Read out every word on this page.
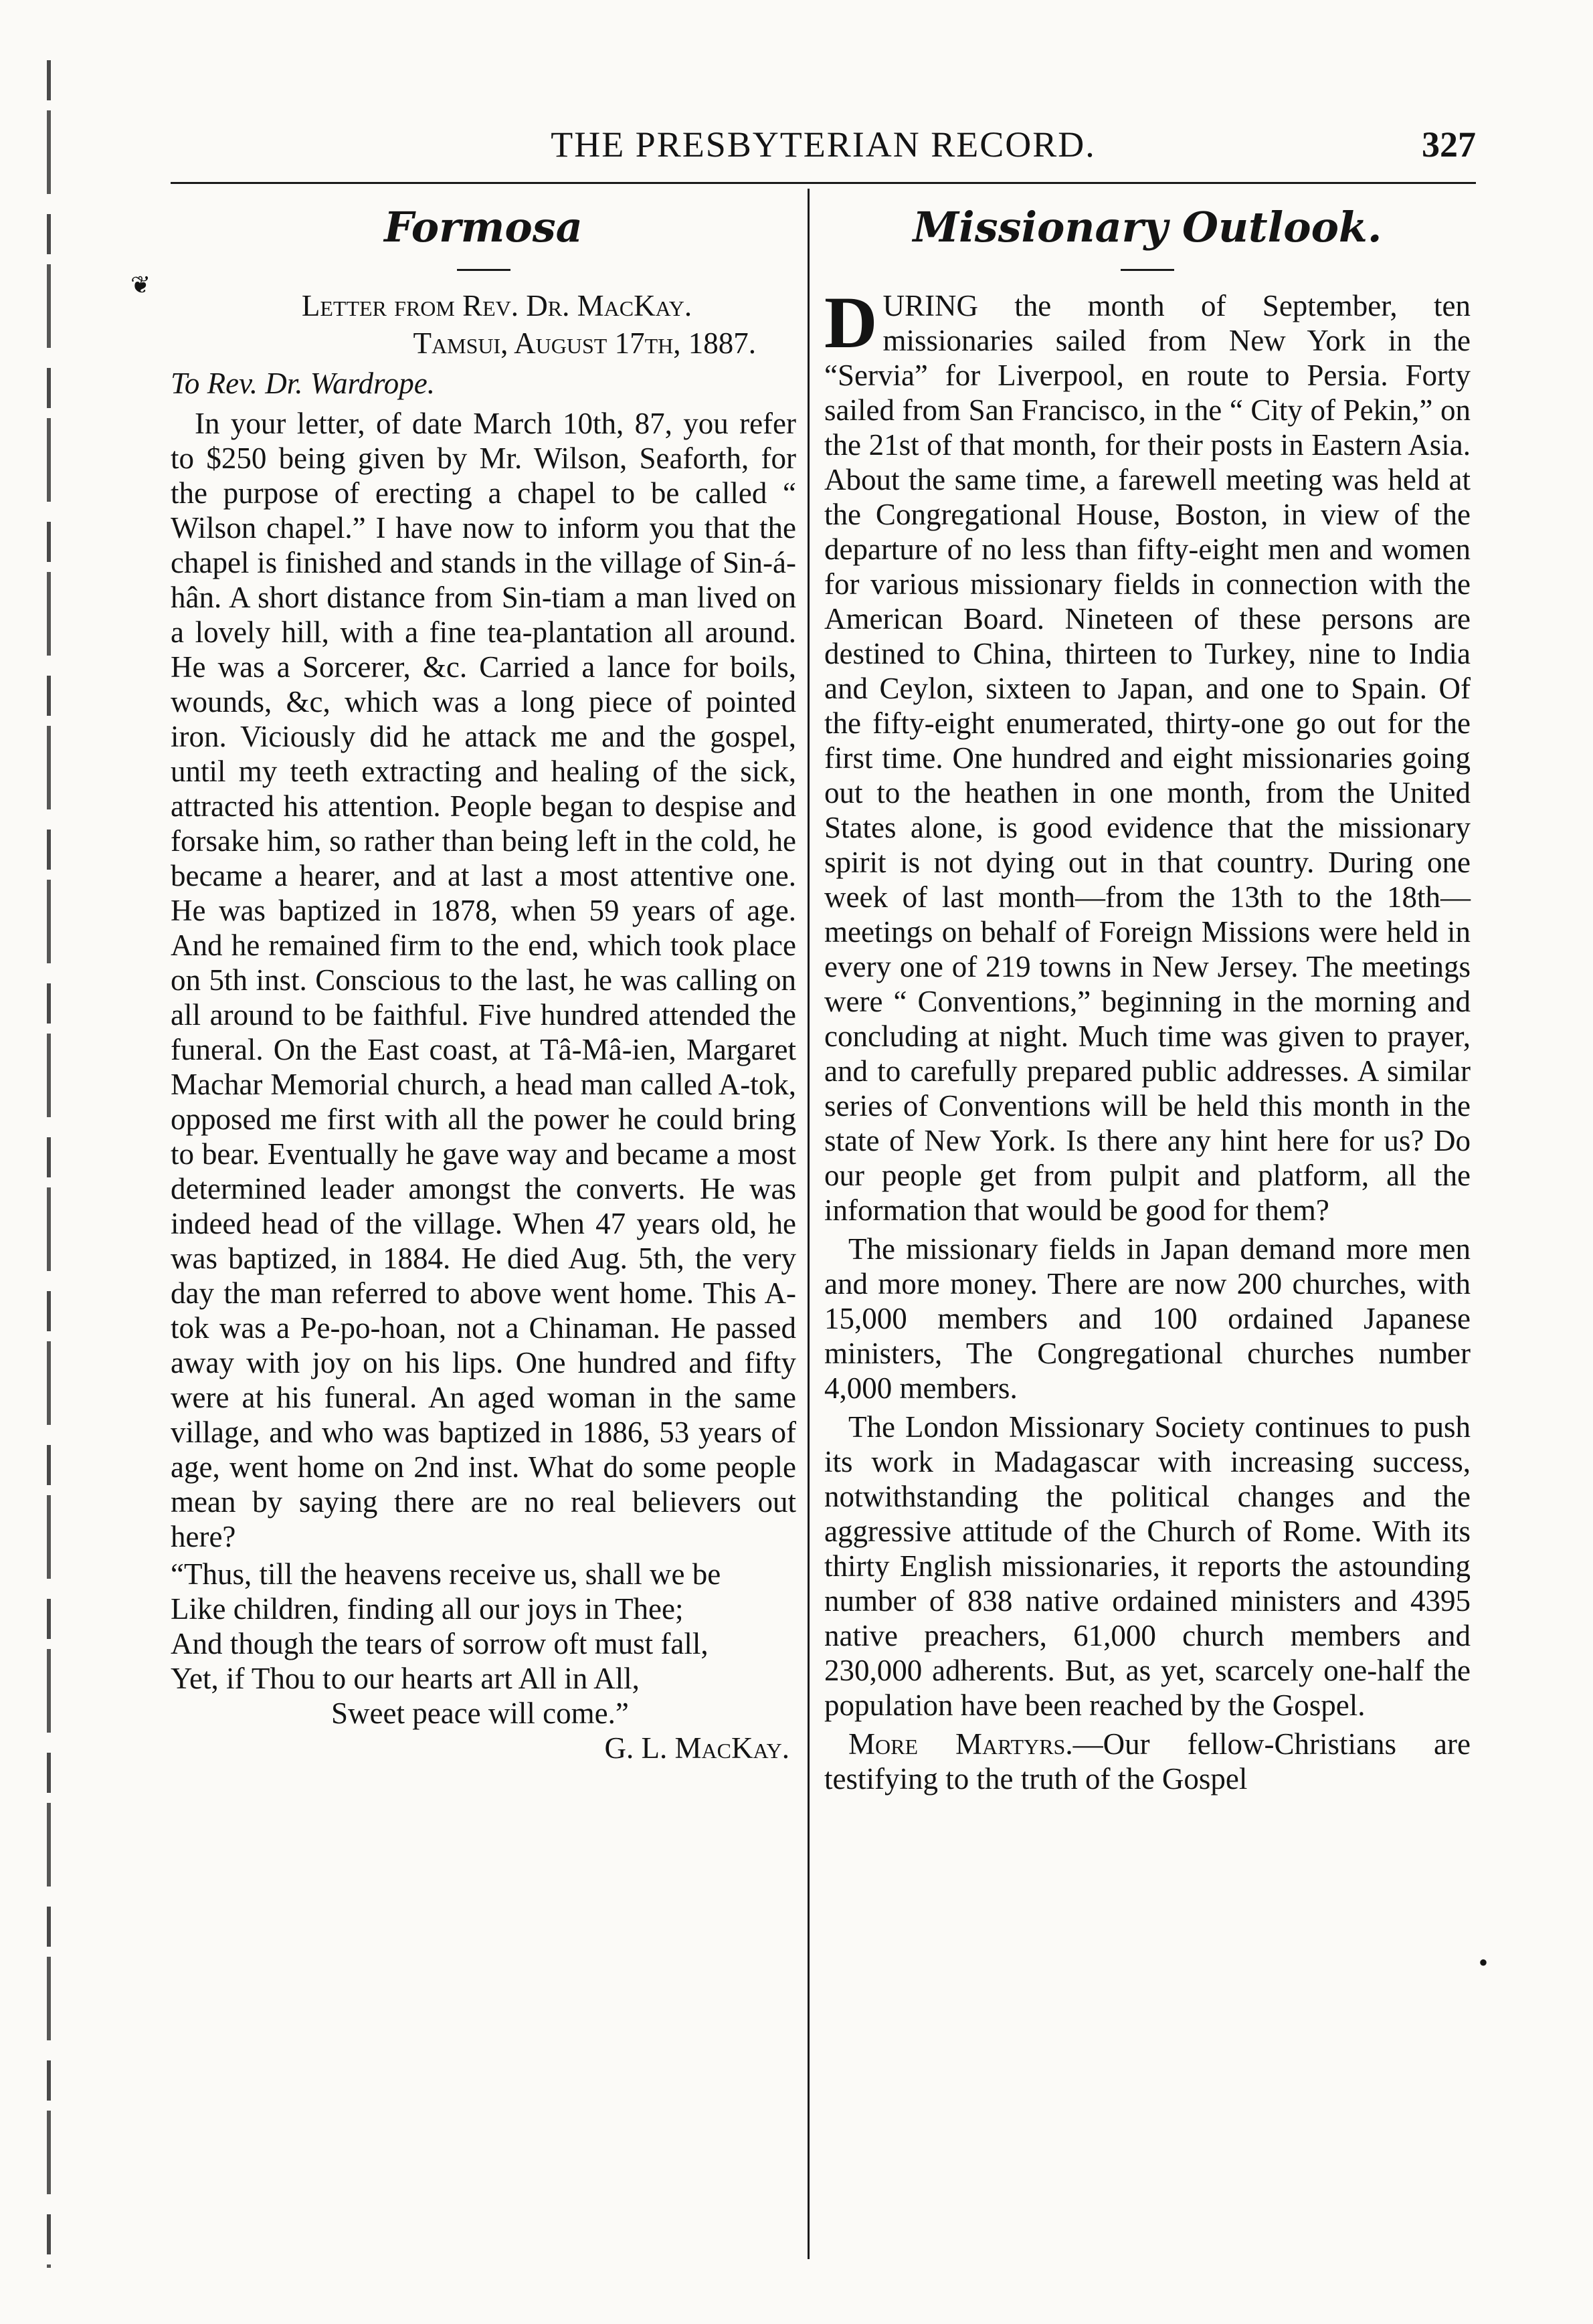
THE PRESBYTERIAN RECORD.	327
❦
Formosa
Letter from Rev. Dr. MacKay.
Tamsui, August 17th, 1887.
To Rev. Dr. Wardrope.

In your letter, of date March 10th, 87, you refer to $250 being given by Mr. Wilson, Seaforth, for the purpose of erecting a chapel to be called “ Wilson chapel.” I have now to inform you that the chapel is finished and stands in the village of Sin-á-hân. A short distance from Sin-tiam a man lived on a lovely hill, with a fine tea-plantation all around. He was a Sorcerer, &c. Carried a lance for boils, wounds, &c, which was a long piece of pointed iron. Viciously did he attack me and the gospel, until my teeth extracting and healing of the sick, attracted his attention. People began to despise and forsake him, so rather than being left in the cold, he became a hearer, and at last a most attentive one. He was baptized in 1878, when 59 years of age. And he remained firm to the end, which took place on 5th inst. Conscious to the last, he was calling on all around to be faithful. Five hundred attended the funeral. On the East coast, at Tâ-Mâ-ien, Margaret Machar Memorial church, a head man called A-tok, opposed me first with all the power he could bring to bear. Eventually he gave way and became a most determined leader amongst the converts. He was indeed head of the village. When 47 years old, he was baptized, in 1884. He died Aug. 5th, the very day the man referred to above went home. This A-tok was a Pe-po-hoan, not a Chinaman. He passed away with joy on his lips. One hundred and fifty were at his funeral. An aged woman in the same village, and who was baptized in 1886, 53 years of age, went home on 2nd inst. What do some people mean by saying there are no real believers out here?

“Thus, till the heavens receive us, shall we be
Like children, finding all our joys in Thee;
And though the tears of sorrow oft must fall,
Yet, if Thou to our hearts art All in All,
Sweet peace will come.”

G. L. MacKay.

Missionary Outlook.

DURING the month of September, ten missionaries sailed from New York in the “Servia” for Liverpool, en route to Persia. Forty sailed from San Francisco, in the “ City of Pekin,” on the 21st of that month, for their posts in Eastern Asia. About the same time, a farewell meeting was held at the Congregational House, Boston, in view of the departure of no less than fifty-eight men and women for various missionary fields in connection with the American Board. Nineteen of these persons are destined to China, thirteen to Turkey, nine to India and Ceylon, sixteen to Japan, and one to Spain. Of the fifty-eight enumerated, thirty-one go out for the first time. One hundred and eight missionaries going out to the heathen in one month, from the United States alone, is good evidence that the missionary spirit is not dying out in that country. During one week of last month—from the 13th to the 18th—meetings on behalf of Foreign Missions were held in every one of 219 towns in New Jersey. The meetings were “ Conventions,” beginning in the morning and concluding at night. Much time was given to prayer, and to carefully prepared public addresses. A similar series of Conventions will be held this month in the state of New York. Is there any hint here for us? Do our people get from pulpit and platform, all the information that would be good for them?

The missionary fields in Japan demand more men and more money. There are now 200 churches, with 15,000 members and 100 ordained Japanese ministers, The Congregational churches number 4,000 members.

The London Missionary Society continues to push its work in Madagascar with increasing success, notwithstanding the political changes and the aggressive attitude of the Church of Rome. With its thirty English missionaries, it reports the astounding number of 838 native ordained ministers and 4395 native preachers, 61,000 church members and 230,000 adherents. But, as yet, scarcely one-half the population have been reached by the Gospel.

More Martyrs.—Our fellow-Christians are testifying to the truth of the Gospel

•
